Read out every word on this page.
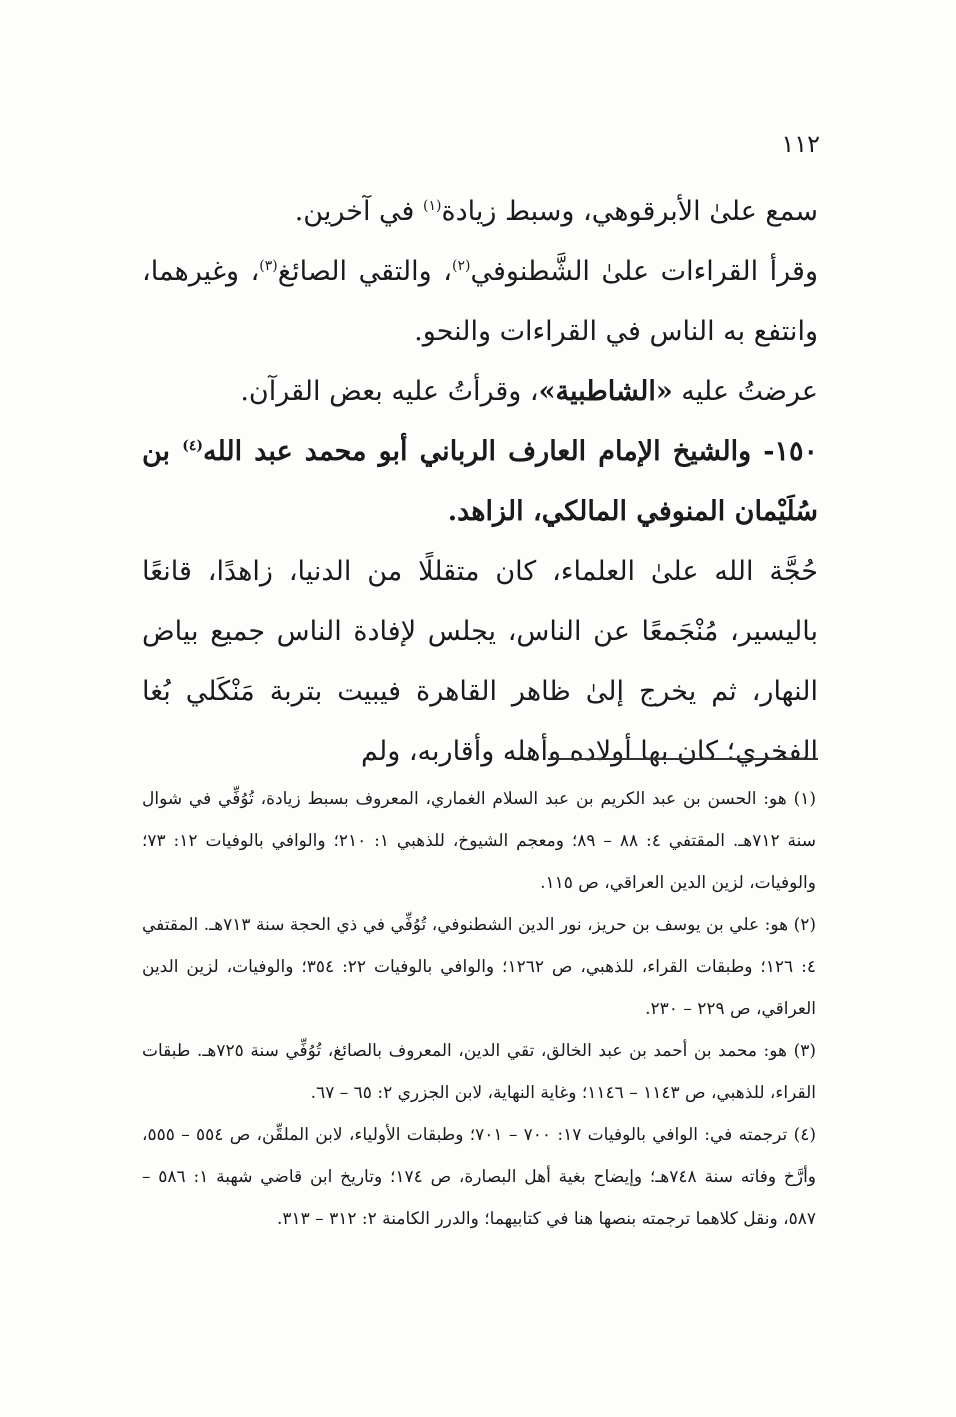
١١٢

سمع علىٰ الأبرقوهي، وسبط زيادة$^{(١)}$ في آخرين.

وقرأ القراءات علىٰ الشَّطنوفي$^{(٢)}$، والتقي الصائغ$^{(٣)}$، وغيرهما، وانتفع به الناس في القراءات والنحو.

عرضتُ عليه «الشاطبية»، وقرأتُ عليه بعض القرآن.

١٥٠- والشيخ الإمام العارف الرباني أبو محمد عبد الله$^{(٤)}$ بن سُلَيْمان المنوفي المالكي، الزاهد.

حُجَّة الله علىٰ العلماء، كان متقللًا من الدنيا، زاهدًا، قانعًا باليسير، مُنْجَمعًا عن الناس، يجلس لإفادة الناس جميع بياض النهار، ثم يخرج إلىٰ ظاهر القاهرة فيبيت بتربة مَنْكَلي بُغا الفخري؛ كان بها أولاده وأهله وأقاربه، ولم

(١) هو: الحسن بن عبد الكريم بن عبد السلام الغماري، المعروف بسبط زيادة، تُوُفِّي في شوال سنة ٧١٢هـ. المقتفي ٤: ٨٨ – ٨٩؛ ومعجم الشيوخ، للذهبي ١: ٢١٠؛ والوافي بالوفيات ١٢: ٧٣؛ والوفيات، لزين الدين العراقي، ص ١١٥.

(٢) هو: علي بن يوسف بن حريز، نور الدين الشطنوفي، تُوُفِّي في ذي الحجة سنة ٧١٣هـ. المقتفي ٤: ١٢٦؛ وطبقات القراء، للذهبي، ص ١٢٦٢؛ والوافي بالوفيات ٢٢: ٣٥٤؛ والوفيات، لزين الدين العراقي، ص ٢٢٩ – ٢٣٠.

(٣) هو: محمد بن أحمد بن عبد الخالق، تقي الدين، المعروف بالصائغ، تُوُفِّي سنة ٧٢٥هـ. طبقات القراء، للذهبي، ص ١١٤٣ – ١١٤٦؛ وغاية النهاية، لابن الجزري ٢: ٦٥ – ٦٧.

(٤) ترجمته في: الوافي بالوفيات ١٧: ٧٠٠ – ٧٠١؛ وطبقات الأولياء، لابن الملقِّن، ص ٥٥٤ – ٥٥٥، وأرَّخ وفاته سنة ٧٤٨هـ؛ وإيضاح بغية أهل البصارة، ص ١٧٤؛ وتاريخ ابن قاضي شهبة ١: ٥٨٦ – ٥٨٧، ونقل كلاهما ترجمته بنصها هنا في كتابيهما؛ والدرر الكامنة ٢: ٣١٢ – ٣١٣.
